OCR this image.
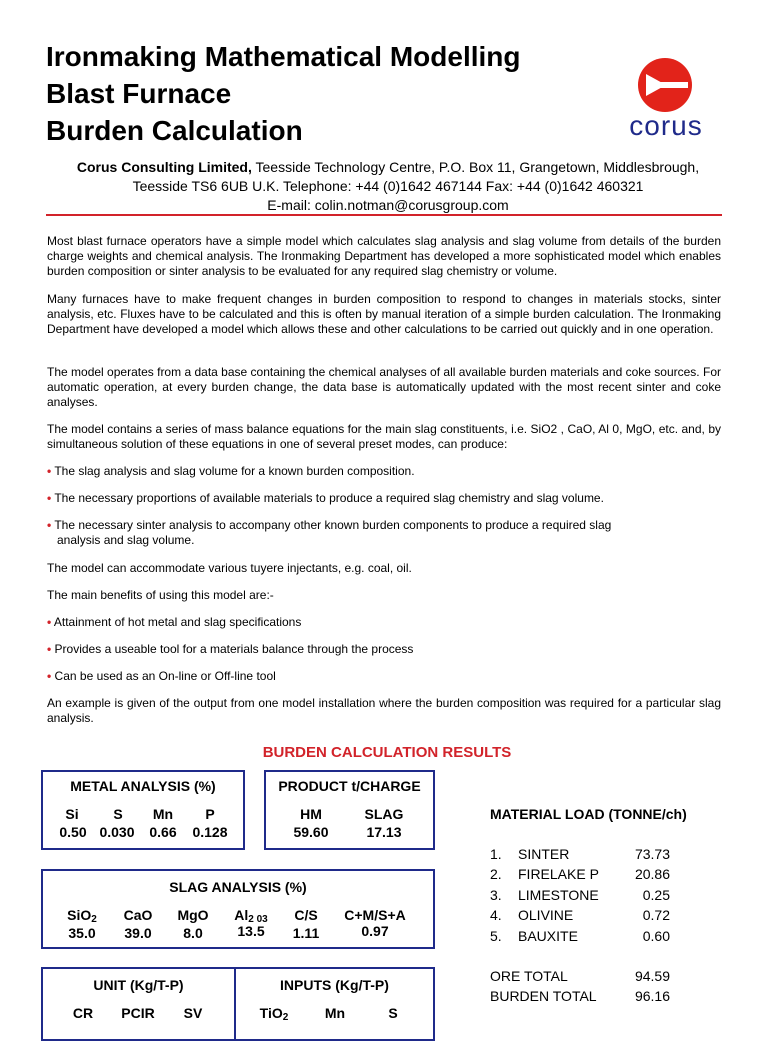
Ironmaking Mathematical Modelling
Blast Furnace
Burden Calculation	corus
Corus Consulting Limited, Teesside Technology Centre, P.O. Box 11, Grangetown, Middlesbrough,
Teesside TS6 6UB U.K. Telephone: +44 (0)1642 467144 Fax: +44 (0)1642 460321
E-mail: colin.notman@corusgroup.com
Most blast furnace operators have a simple model which calculates slag analysis and slag volume from details of the burden charge weights and chemical analysis. The Ironmaking Department has developed a more sophisticated model which enables burden composition or sinter analysis to be evaluated for any required slag chemistry or volume.
Many furnaces have to make frequent changes in burden composition to respond to changes in materials stocks, sinter analysis, etc. Fluxes have to be calculated and this is often by manual iteration of a simple burden calculation. The Ironmaking Department have developed a model which allows these and other calculations to be carried out quickly and in one operation.
The model operates from a data base containing the chemical analyses of all available burden materials and coke sources. For automatic operation, at every burden change, the data base is automatically updated with the most recent sinter and coke analyses.
The model contains a series of mass balance equations for the main slag constituents, i.e. SiO2 , CaO, Al 0, MgO, etc. and, by simultaneous solution of these equations in one of several preset modes, can produce:
• The slag analysis and slag volume for a known burden composition.
• The necessary proportions of available materials to produce a required slag chemistry and slag volume.
• The necessary sinter analysis to accompany other known burden components to produce a required slag
analysis and slag volume.
The model can accommodate various tuyere injectants, e.g. coal, oil.
The main benefits of using this model are:-
• Attainment of hot metal and slag specifications
• Provides a useable tool for a materials balance through the process
• Can be used as an On-line or Off-line tool
An example is given of the output from one model installation where the burden composition was required for a particular slag analysis.
BURDEN CALCULATION RESULTS
METAL ANALYSIS (%)
Si	S	Mn	P
0.50 0.030	0.66	0.128
PRODUCT t/CHARGE
HM	SLAG
59.60	17.13
SLAG ANALYSIS (%)
SiO$_2$	CaO	MgO	$Al_{2 03}$	C/S	C+M/S+A
35.0	39.0	8.0	13.5	1.11	0.97
UNIT (Kg/T-P)	INPUTS (Kg/T-P)
CR	PCIR	SV	TiO$_2$	Mn	S
MATERIAL LOAD (TONNE/ch)
1. SINTER	73.73
2. FIRELAKE P	20.86
3. LIMESTONE	0.25
4. OLIVINE	0.72
5. BAUXITE	0.60
ORE TOTAL	94.59
BURDEN TOTAL	96.16
